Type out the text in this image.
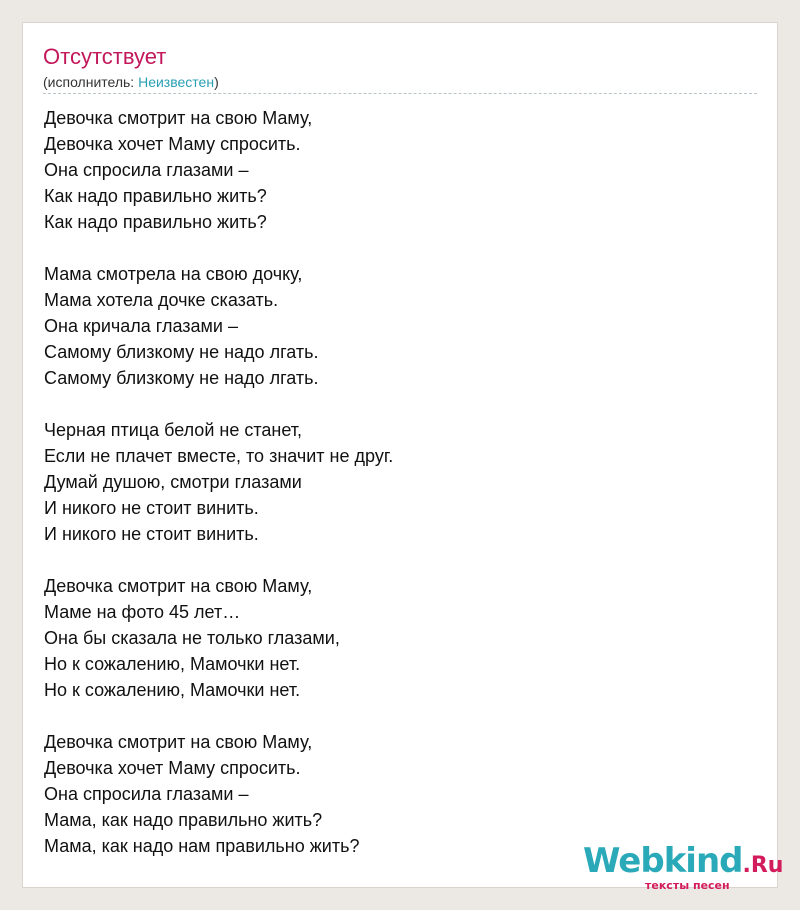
Отсутствует
(исполнитель: Неизвестен)
Девочка смотрит на свою Маму,
Девочка хочет Маму спросить.
Она спросила глазами –
Как надо правильно жить?
Как надо правильно жить?
Мама смотрела на свою дочку,
Мама хотела дочке сказать.
Она кричала глазами –
Самому близкому не надо лгать.
Самому близкому не надо лгать.
Черная птица белой не станет,
Если не плачет вместе, то значит не друг.
Думай душою, смотри глазами
И никого не стоит винить.
И никого не стоит винить.
Девочка смотрит на свою Маму,
Маме на фото 45 лет…
Она бы сказала не только глазами,
Но к сожалению, Мамочки нет.
Но к сожалению, Мамочки нет.
Девочка смотрит на свою Маму,
Девочка хочет Маму спросить.
Она спросила глазами –
Мама, как надо правильно жить?
Мама, как надо нам правильно жить?	Webkind.Ru
тексты песен
